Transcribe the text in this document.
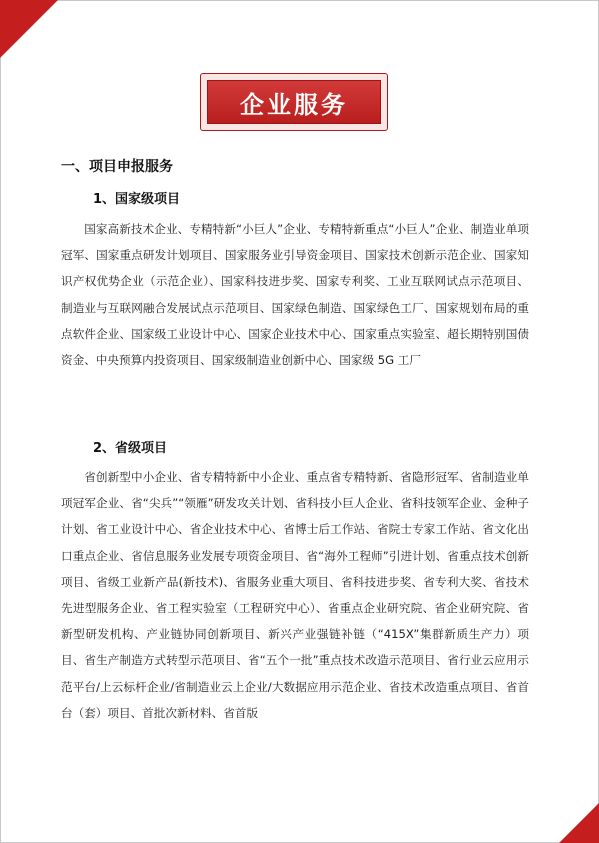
企业服务
一、项目申报服务
1、国家级项目
国家高新技术企业、专精特新“小巨人”企业、专精特新重点“小巨人”企业、制造业单项冠军、国家重点研发计划项目、国家服务业引导资金项目、国家技术创新示范企业、国家知识产权优势企业（示范企业）、国家科技进步奖、国家专利奖、工业互联网试点示范项目、制造业与互联网融合发展试点示范项目、国家绿色制造、国家绿色工厂、国家规划布局的重点软件企业、国家级工业设计中心、国家企业技术中心、国家重点实验室、超长期特别国债资金、中央预算内投资项目、国家级制造业创新中心、国家级 5G 工厂
2、省级项目
省创新型中小企业、省专精特新中小企业、重点省专精特新、省隐形冠军、省制造业单项冠军企业、省“尖兵”“领雁”研发攻关计划、省科技小巨人企业、省科技领军企业、金种子计划、省工业设计中心、省企业技术中心、省博士后工作站、省院士专家工作站、省文化出口重点企业、省信息服务业发展专项资金项目、省“海外工程师”引进计划、省重点技术创新项目、省级工业新产品(新技术)、省服务业重大项目、省科技进步奖、省专利大奖、省技术先进型服务企业、省工程实验室（工程研究中心）、省重点企业研究院、省企业研究院、省新型研发机构、产业链协同创新项目、新兴产业强链补链（“415X”集群新质生产力）项目、省生产制造方式转型示范项目、省“五个一批”重点技术改造示范项目、省行业云应用示范平台/上云标杆企业/省制造业云上企业/大数据应用示范企业、省技术改造重点项目、省首台（套）项目、首批次新材料、省首版
